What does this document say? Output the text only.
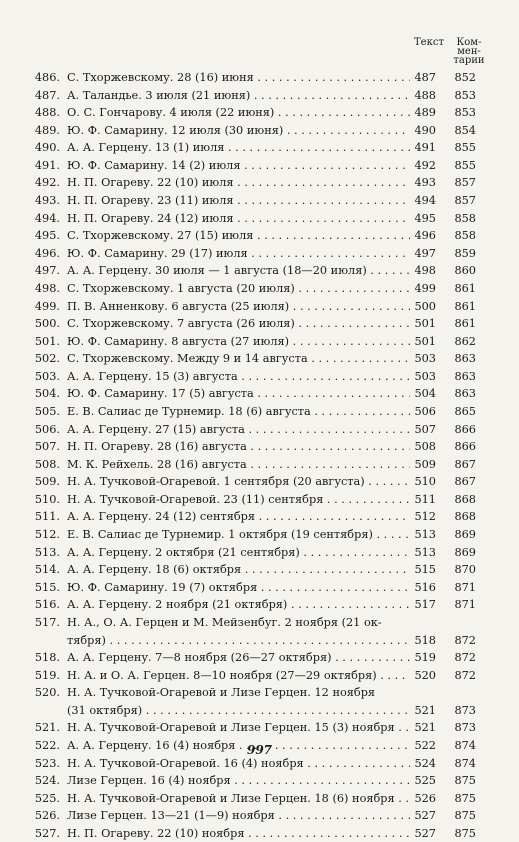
Текст	Ком-
мен-
тарии
486. С. Тхоржевскому. 28 (16) июня . . .	487 852
487. А. Таландье. 3 июля (21 июня) . . .	488 853
488. О. С. Гончарову. 4 июля (22 июня) . . .	489 853
489. Ю. Ф. Самарину. 12 июля (30 июня) . . .	490 854
490. А. А. Герцену. 13 (1) июля . . .	491 855
491. Ю. Ф. Самарину. 14 (2) июля . . .	492 855
492. Н. П. Огареву. 22 (10) июля . . .	493 857
493. Н. П. Огареву. 23 (11) июля . . .	494 857
494. Н. П. Огареву. 24 (12) июля . . .	495 858
495. С. Тхоржевскому. 27 (15) июля . . .	496 858
496. Ю. Ф. Самарину. 29 (17) июля . . .	497 859
497. А. А. Герцену. 30 июля — 1 августа (18—20 июля) . . .	498 860
498. С. Тхоржевскому. 1 августа (20 июля) . . .	499 861
499. П. В. Анненкову. 6 августа (25 июля) . . .	500 861
500. С. Тхоржевскому. 7 августа (26 июля) . . .	501 861
501. Ю. Ф. Самарину. 8 августа (27 июля) . . .	501 862
502. С. Тхоржевскому. Между 9 и 14 августа . . .	503 863
503. А. А. Герцену. 15 (3) августа . . .	503 863
504. Ю. Ф. Самарину. 17 (5) августа . . .	504 863
505. Е. В. Салиас де Турнемир. 18 (6) августа . . .	506 865
506. А. А. Герцену. 27 (15) августа . . .	507 866
507. Н. П. Огареву. 28 (16) августа . . .	508 866
508. М. К. Рейхель. 28 (16) августа . . .	509 867
509. Н. А. Тучковой-Огаревой. 1 сентября (20 августа) . . .	510 867
510. Н. А. Тучковой-Огаревой. 23 (11) сентября . . .	511 868
511. А. А. Герцену. 24 (12) сентября . . .	512 868
512. Е. В. Салиас де Турнемир. 1 октября (19 сентября) . . .	513 869
513. А. А. Герцену. 2 октября (21 сентября) . . .	513 869
514. А. А. Герцену. 18 (6) октября . . .	515 870
515. Ю. Ф. Самарину. 19 (7) октября . . .	516 871
516. А. А. Герцену. 2 ноября (21 октября) . . .	517 871
517. Н. А., О. А. Герцен и М. Мейзенбуг. 2 ноября (21 ок-
тября) . . .	518 872
518. А. А. Герцену. 7—8 ноября (26—27 октября) . . .	519 872
519. Н. А. и О. А. Герцен. 8—10 ноября (27—29 октября) . . .	520 872
520. Н. А. Тучковой-Огаревой и Лизе Герцен. 12 ноября
(31 октября) . . .	521 873
521. Н. А. Тучковой-Огаревой и Лизе Герцен. 15 (3) ноября . . .	521 873
522. А. А. Герцену. 16 (4) ноября . . .	522 874
523. Н. А. Тучковой-Огаревой. 16 (4) ноября . . .	524 874
524. Лизе Герцен. 16 (4) ноября . . .	525 875
525. Н. А. Тучковой-Огаревой и Лизе Герцен. 18 (6) ноября . . .	526 875
526. Лизе Герцен. 13—21 (1—9) ноября . . .	527 875
527. Н. П. Огареву. 22 (10) ноября . . .	527 875
997
